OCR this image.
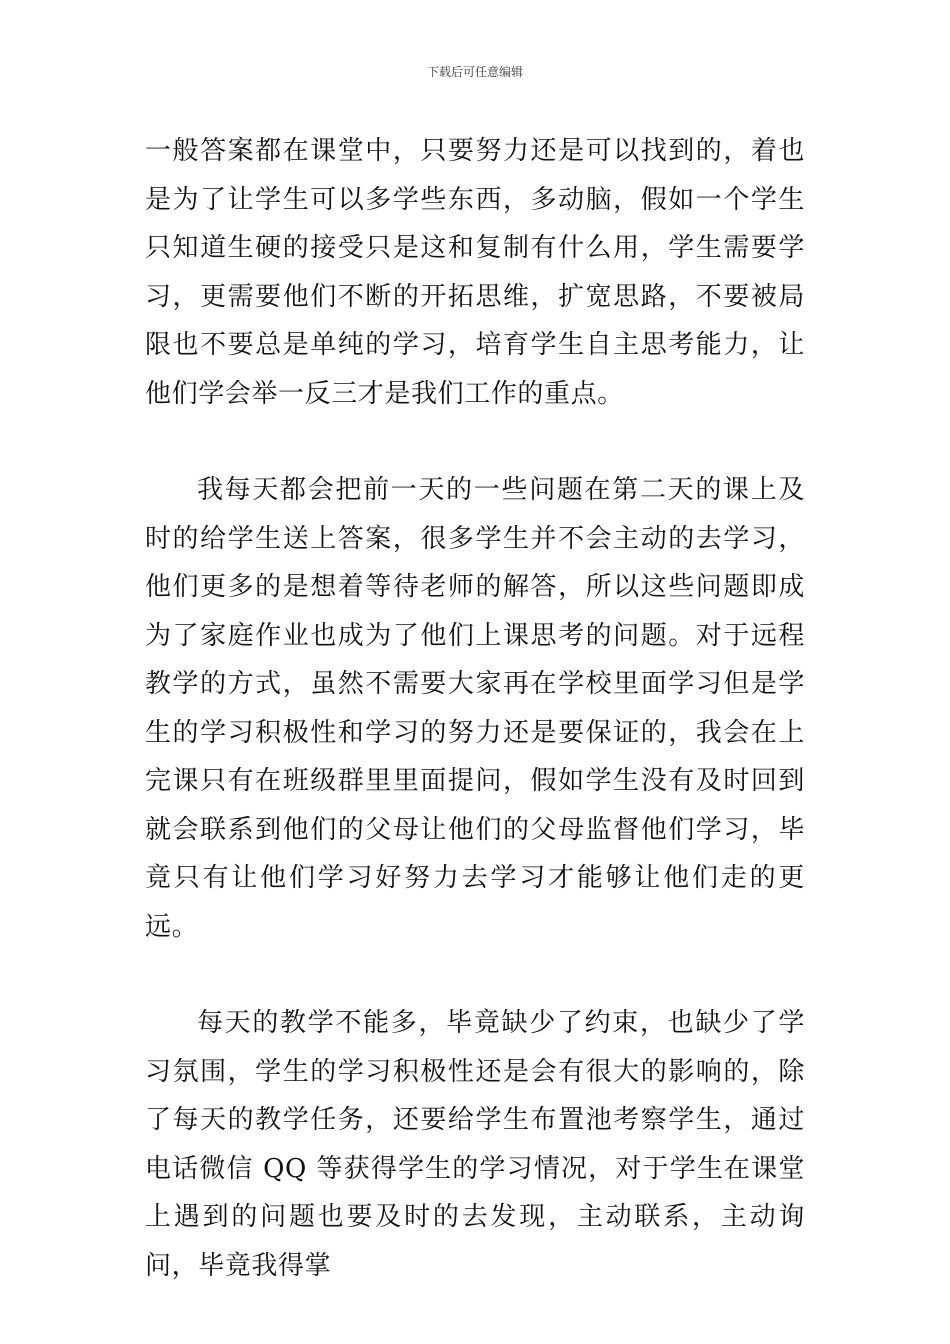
下载后可任意编辑

一般答案都在课堂中，只要努力还是可以找到的，着也是为了让学生可以多学些东西，多动脑，假如一个学生只知道生硬的接受只是这和复制有什么用，学生需要学习，更需要他们不断的开拓思维，扩宽思路，不要被局限也不要总是单纯的学习，培育学生自主思考能力，让他们学会举一反三才是我们工作的重点。

我每天都会把前一天的一些问题在第二天的课上及时的给学生送上答案，很多学生并不会主动的去学习，他们更多的是想着等待老师的解答，所以这些问题即成为了家庭作业也成为了他们上课思考的问题。对于远程教学的方式，虽然不需要大家再在学校里面学习但是学生的学习积极性和学习的努力还是要保证的，我会在上完课只有在班级群里里面提问，假如学生没有及时回到就会联系到他们的父母让他们的父母监督他们学习，毕竟只有让他们学习好努力去学习才能够让他们走的更远。

每天的教学不能多，毕竟缺少了约束，也缺少了学习氛围，学生的学习积极性还是会有很大的影响的，除了每天的教学任务，还要给学生布置池考察学生，通过电话微信 QQ 等获得学生的学习情况，对于学生在课堂上遇到的问题也要及时的去发现，主动联系，主动询问，毕竟我得掌
